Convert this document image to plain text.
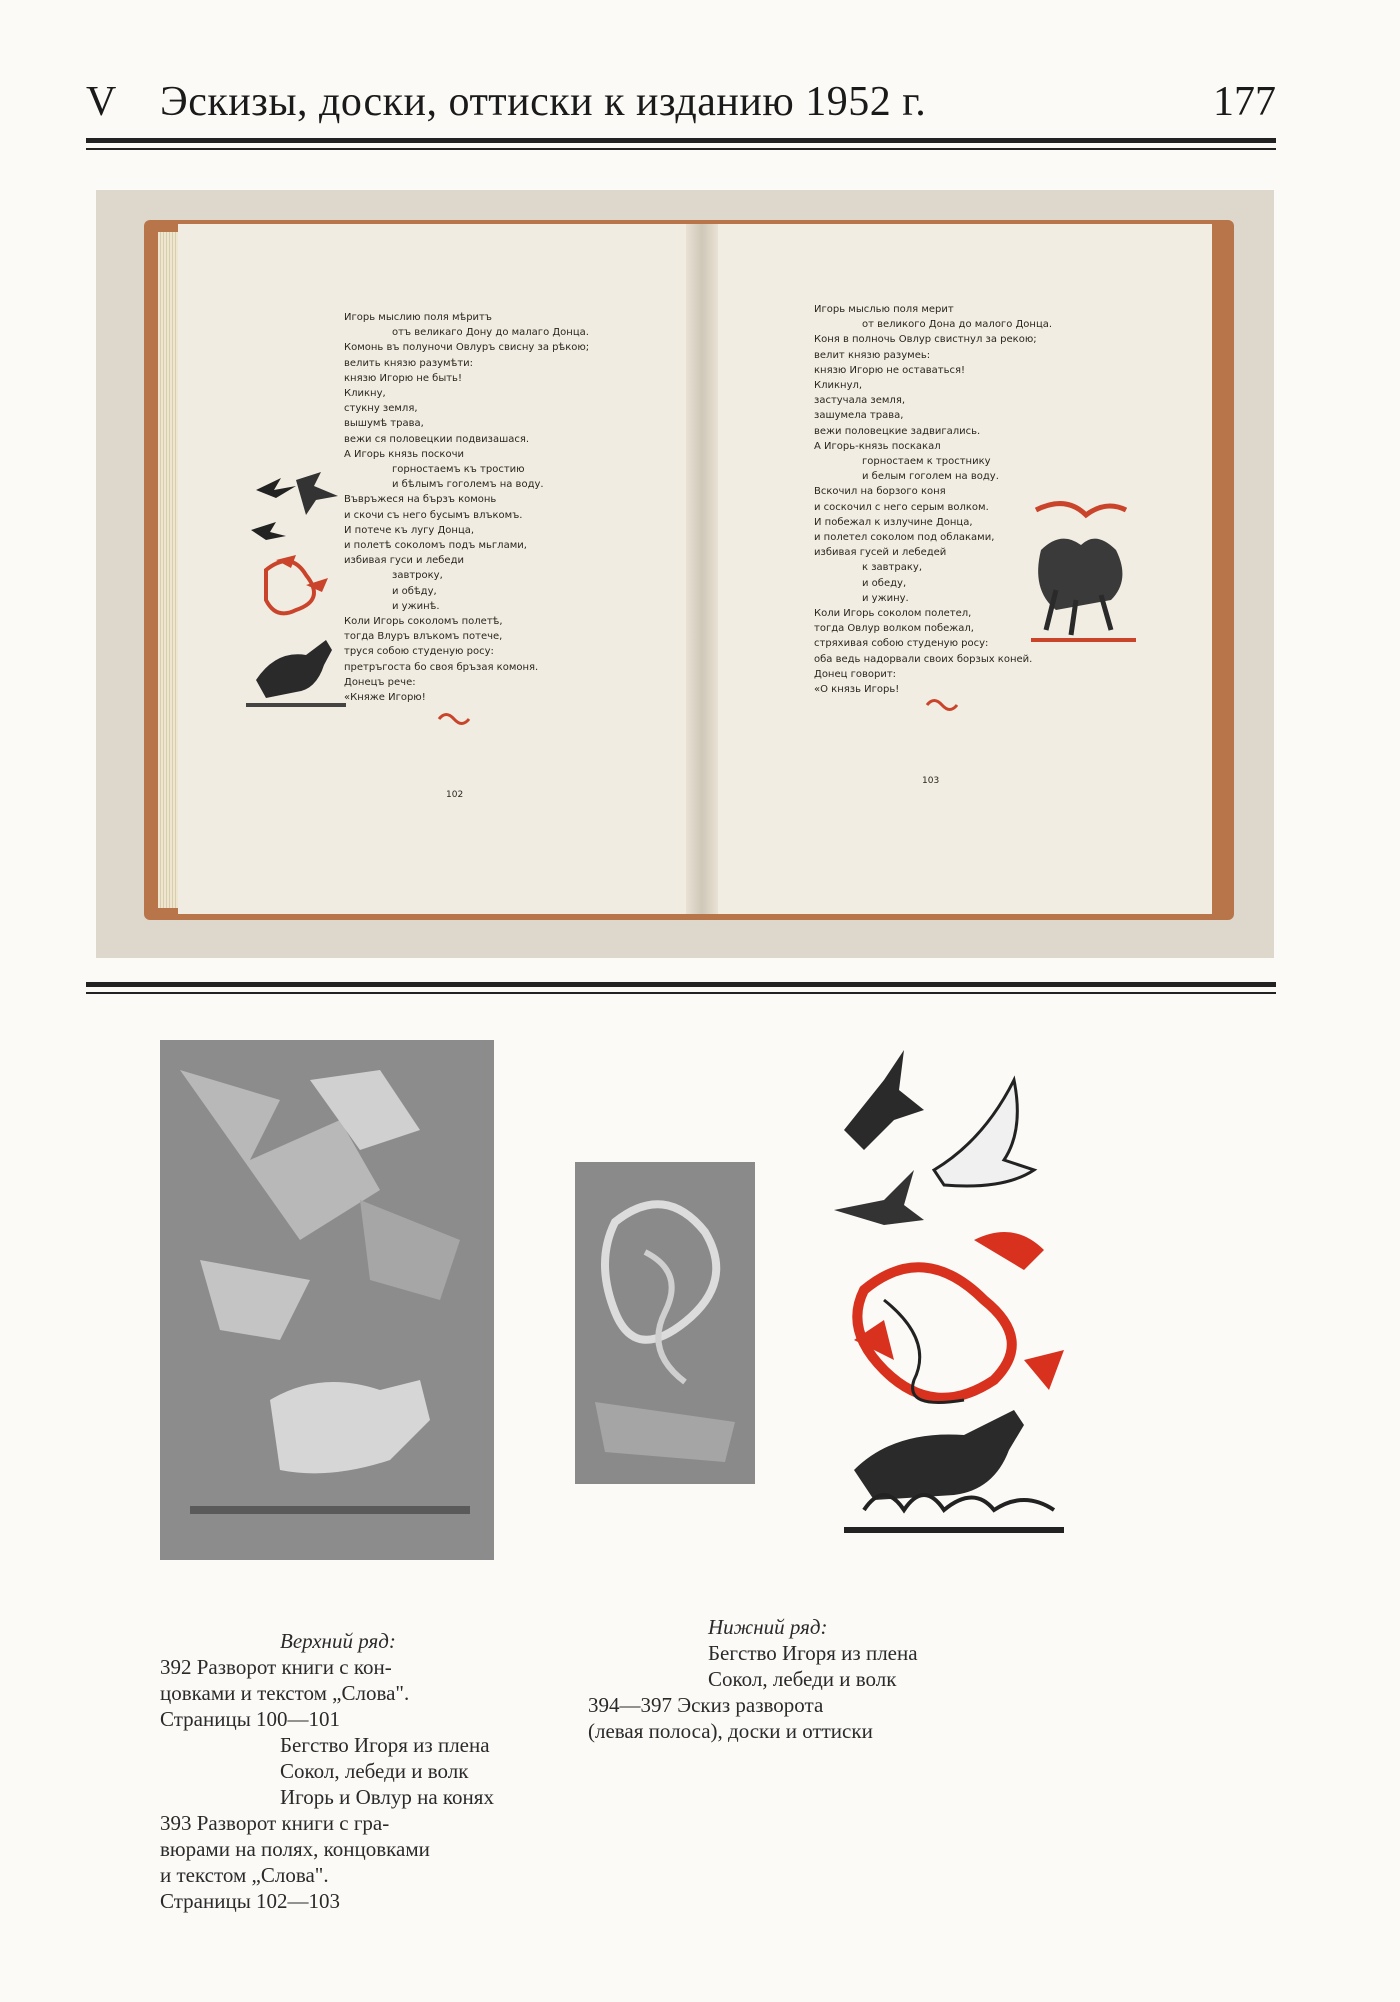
V Эскизы, доски, оттиски к изданию 1952 г.	177
Игорь мыслию поля мѣритъ
отъ великаго Дону до малаго Донца.
Комонь въ полуночи Овлуръ свисну за рѣкою;
велить князю разумѣти:
князю Игорю не быть!
Кликну,
стукну земля,
вышумѣ трава,
вежи ся половецкии подвизашася.
А Игорь князь поскочи
горностаемъ къ тростию
и бѣлымъ гоголемъ на воду.
Въвръжеся на бързъ комонь
и скочи съ него бусымъ влъкомъ.
И потече къ лугу Донца,
и полетѣ соколомъ подъ мьглами,
избивая гуси и лебеди
завтроку,
и обѣду,
и ужинѣ.
Коли Игорь соколомъ полетѣ,
тогда Влуръ влъкомъ потече,
труся собою студеную росу:
претръгоста бо своя бръзая комоня.
Донецъ рече:
«Княже Игорю!
102
Игорь мыслью поля мерит
от великого Дона до малого Донца.
Коня в полночь Овлур свистнул за рекою;
велит князю разумеь:
князю Игорю не оставаться!
Кликнул,
застучала земля,
зашумела трава,
вежи половецкие задвигались.
А Игорь-князь поскакал
горностаем к тростнику
и белым гоголем на воду.
Вскочил на борзого коня
и соскочил с него серым волком.
И побежал к излучине Донца,
и полетел соколом под облаками,
избивая гусей и лебедей
к завтраку,
и обеду,
и ужину.
Коли Игорь соколом полетел,
тогда Овлур волком побежал,
стряхивая собою студеную росу:
оба ведь надорвали своих борзых коней.
Донец говорит:
«О князь Игорь!
103
Верхний ряд:
392 Разворот книги с кон-
цовками и текстом „Слова".
Страницы 100—101
Бегство Игоря из плена
Сокол, лебеди и волк
Игорь и Овлур на конях
393 Разворот книги с гра-
вюрами на полях, концовками
и текстом „Слова".
Страницы 102—103
Нижний ряд:
Бегство Игоря из плена
Сокол, лебеди и волк
394—397 Эскиз разворота
(левая полоса), доски и оттиски
